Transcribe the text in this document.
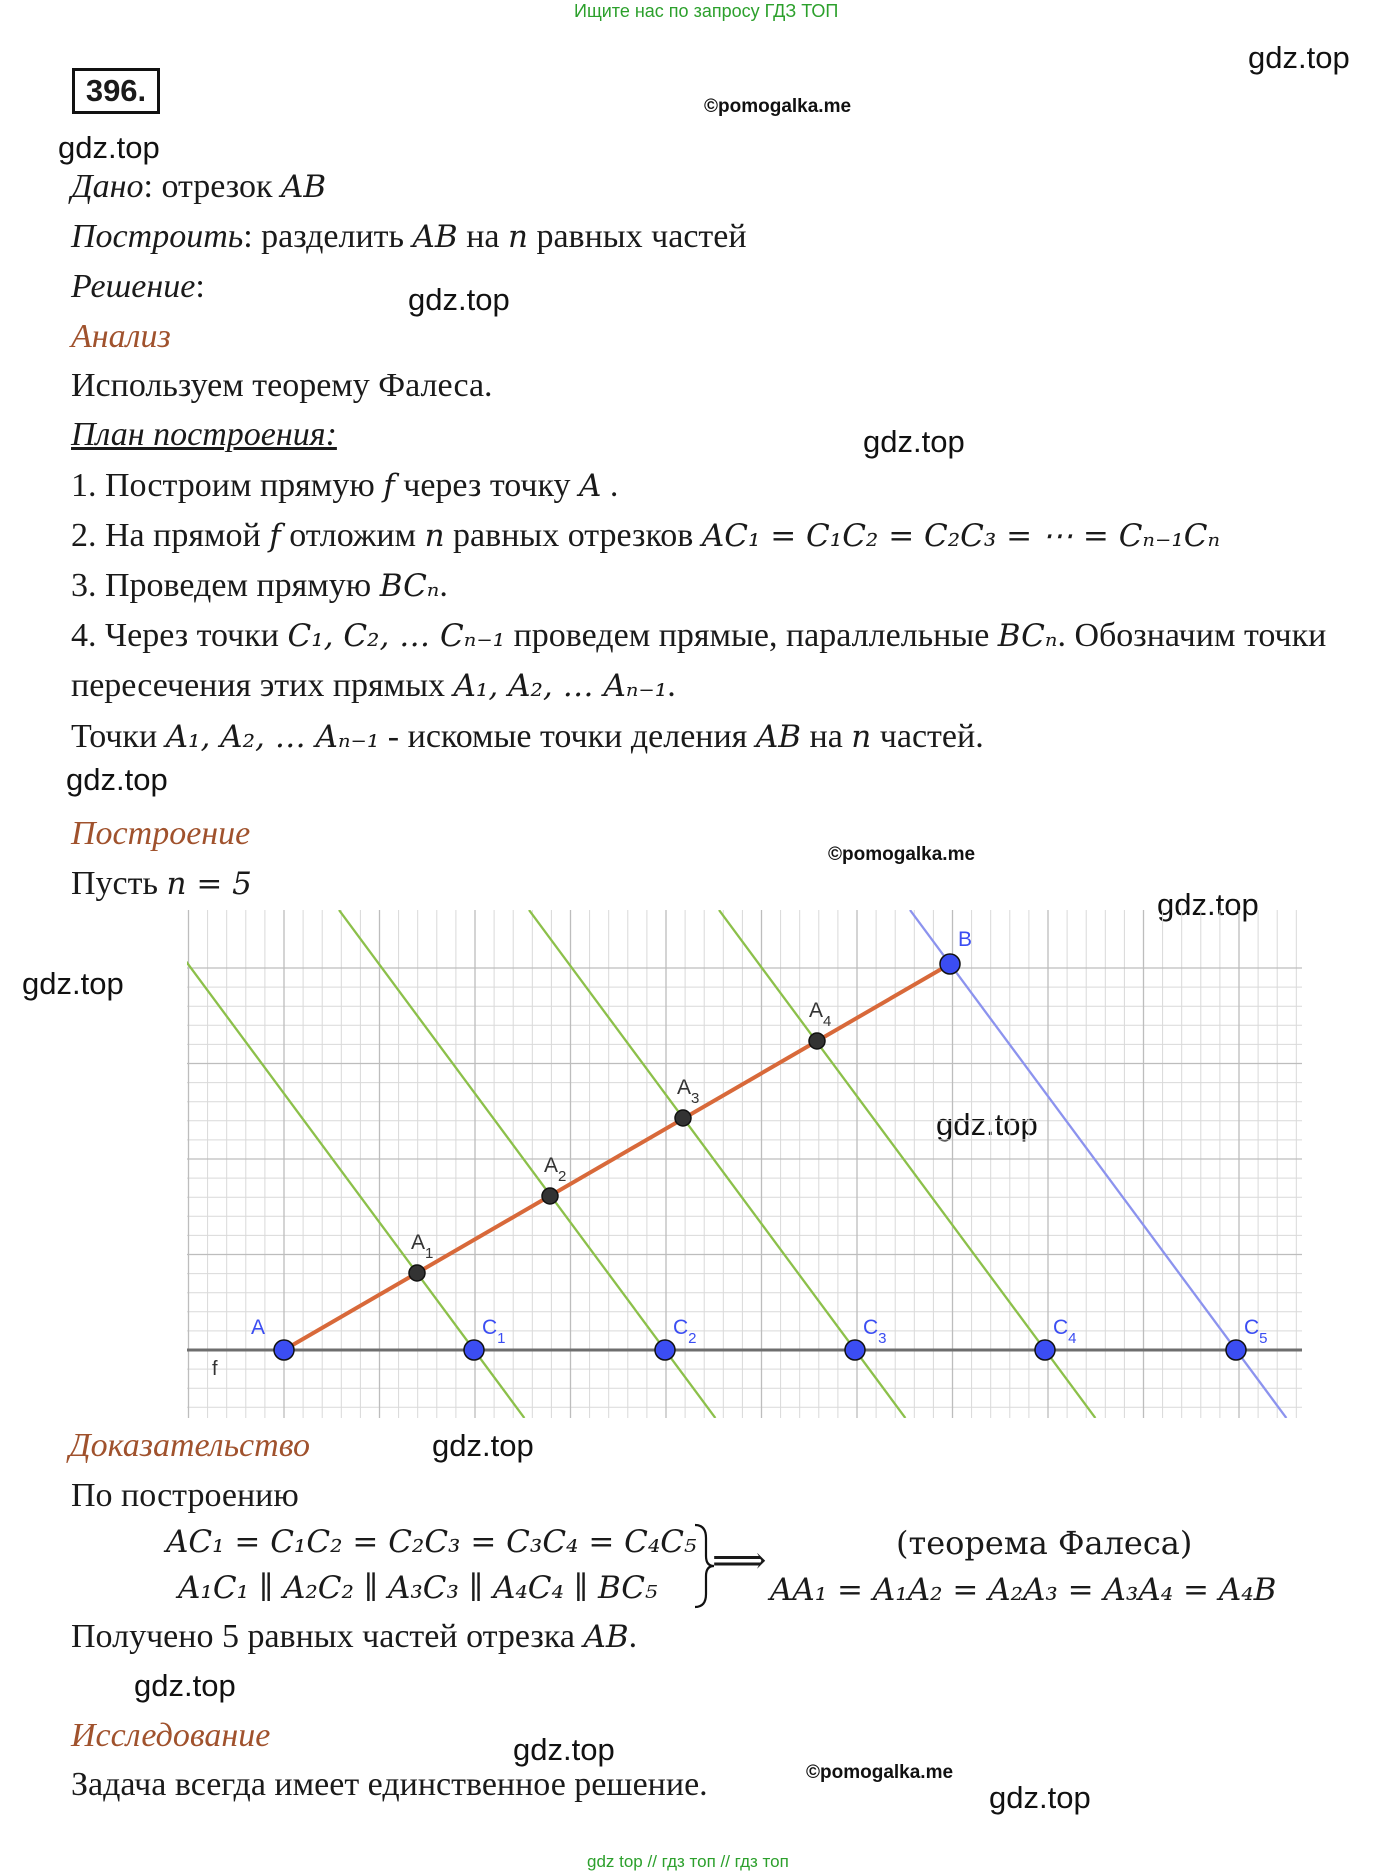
Ищите нас по запросу ГДЗ ТОП
396.
gdz.top
gdz.top
gdz.top
gdz.top
gdz.top
gdz.top
gdz.top
gdz.top
gdz.top
gdz.top
gdz.top
gdz.top
©pomogalka.me
©pomogalka.me
©pomogalka.me
Дано: отрезок AB
Построить: разделить AB на n равных частей
Решение:
Анализ
Используем теорему Фалеса.
План построения:
1. Построим прямую f через точку A .
2. На прямой f отложим n равных отрезков AC₁ = C₁C₂ = C₂C₃ = ⋯ = Cₙ₋₁Cₙ
3. Проведем прямую BCₙ.
4. Через точки C₁, C₂, … Cₙ₋₁ проведем прямые, параллельные BCₙ. Обозначим точки
пересечения этих прямых A₁, A₂, … Aₙ₋₁.
Точки A₁, A₂, … Aₙ₋₁ - искомые точки деления AB на n частей.
Построение
Пусть n = 5
f
A	$C_1$	$C_2$	$C_3$	$C_4$	$C_5$
B
$A_1$
$A_2$
$A_3$
$A_4$
Доказательство
По построению
AC₁ = C₁C₂ = C₂C₃ = C₃C₄ = C₄C₅
A₁C₁ ∥ A₂C₂ ∥ A₃C₃ ∥ A₄C₄ ∥ BC₅
⟹	(теорема Фалеса)
AA₁ = A₁A₂ = A₂A₃ = A₃A₄ = A₄B
Получено 5 равных частей отрезка AB.
Исследование
Задача всегда имеет единственное решение.
gdz top // гдз топ // гдз топ
